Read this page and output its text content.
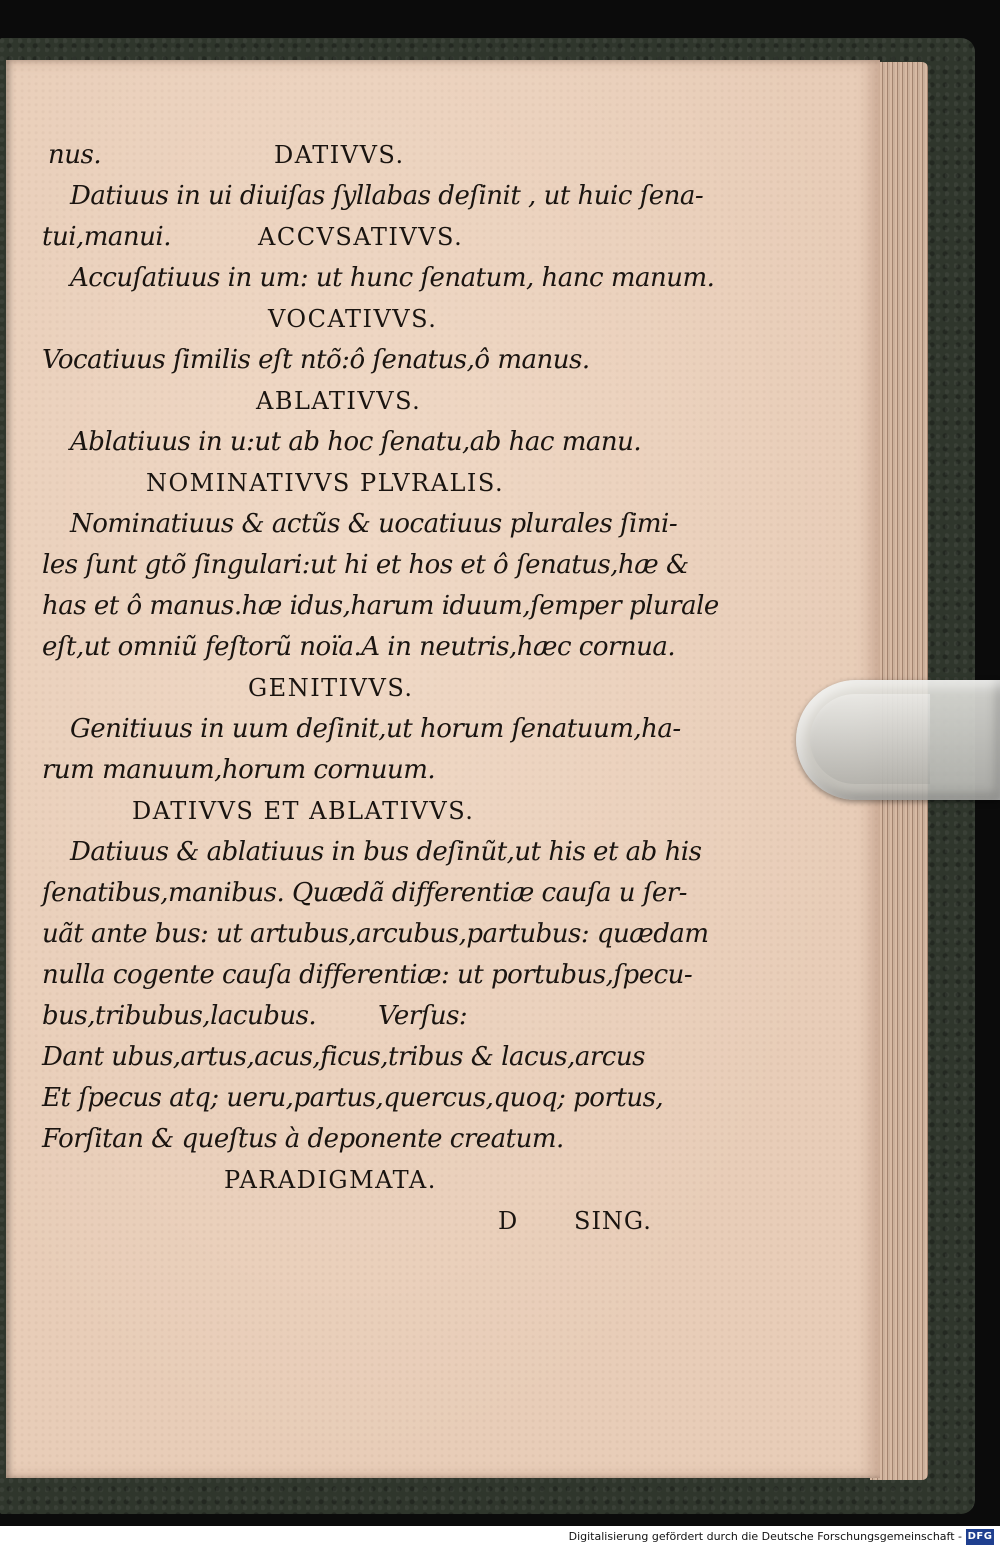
nus.	DATIVVS.
Datiuus in ui diuiſas ſyllabas deſinit , ut huic ſena-
tui,manui.	ACCVSATIVVS.
Accuſatiuus in um: ut hunc ſenatum, hanc manum.
VOCATIVVS.
Vocatiuus ſimilis eſt ntõ:ô ſenatus,ô manus.
ABLATIVVS.
Ablatiuus in u:ut ab hoc ſenatu,ab hac manu.
NOMINATIVVS PLVRALIS.
Nominatiuus & actũs & uocatiuus plurales ſimi-
les ſunt gtõ ſingulari:ut hi et hos et ô ſenatus,hæ &
has et ô manus.hæ idus,harum iduum,ſemper plurale
eſt,ut omniũ feſtorũ noïa.A in neutris,hæc cornua.
GENITIVVS.
Genitiuus in uum deſinit,ut horum ſenatuum,ha-
rum manuum,horum cornuum.
DATIVVS ET ABLATIVVS.
Datiuus & ablatiuus in bus deſinũt,ut his et ab his
ſenatibus,manibus. Quædã differentiæ cauſa u ſer-
uãt ante bus: ut artubus,arcubus,partubus: quædam
nulla cogente cauſa differentiæ: ut portubus,ſpecu-
bus,tribubus,lacubus. Verſus:
Dant ubus,artus,acus,ficus,tribus & lacus,arcus
Et ſpecus atq; ueru,partus,quercus,quoq; portus,
Forſitan & queſtus à deponente creatum.
PARADIGMATA.
D SING.
Digitalisierung gefördert durch die Deutsche Forschungsgemeinschaft - DFG
